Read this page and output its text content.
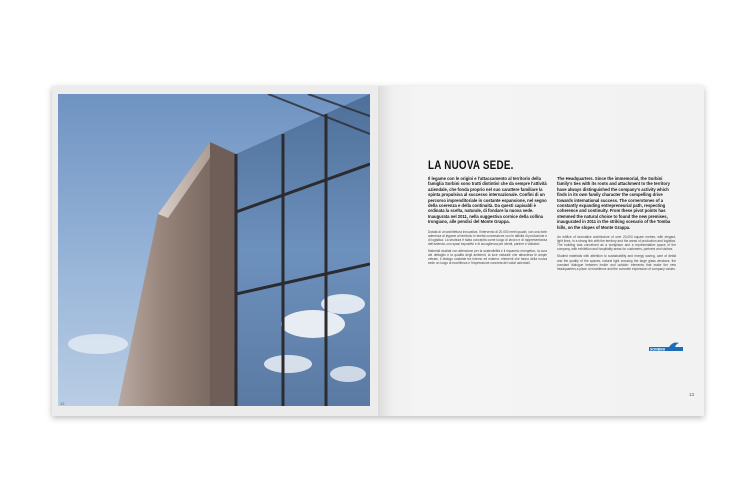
12
LA NUOVA SEDE.

Il legame con le origini e l'attaccamento al territorio della famiglia Sorbini sono tratti distintivi che da sempre l'attività aziendale, che fonda proprio nel suo carattere familiare la spinta propulsiva al successo internazionale. Confini di un percorso imprenditoriale in costante espansione, nel segno della coerenza e della continuità. Da questi capisaldi è ordinata la scelta, naturale, di fondare la nuova sede. Inaugurata nel 2011, nella suggestiva cornice della collina Irongiano, alle pendici del Monte Grappa.

Dotata di un'architettura innovativa, l'intervento di 20.000 metri quadri, con una forte aderenza al legame al territorio in stretta connessione con le attività di produzione e di logistica. La struttura è stata concepita come luogo di lavoro e di rappresentanza dell'azienda, con spazi espositivi e di accoglienza per clienti, partner e visitatori.

Materiali studiati con attenzione per la sostenibilità e il risparmio energetico, la cura del dettaglio e la qualità degli ambienti, la luce naturale che attraversa le ampie vetrate, il dialogo costante tra interno ed esterno: elementi che fanno della nuova sede un luogo di eccellenza e l'espressione concreta dei valori aziendali.

The Headquarters. Since the immemorial, the Sorbini family's ties with its roots and attachment to the territory have always distinguished the company's activity which finds in its own family character the compelling drive towards international success. The cornerstones of a constantly expanding entrepreneurial path, respecting coherence and continuity. From these pivot points has stemmed the natural choice to found the new premises, inaugurated in 2011 in the striking scenario of the Tomba hills, on the slopes of Monte Grappa.

An edifice of innovative architecture of over 20,000 square metres, with elegant, light lines, in a strong link with the territory and the areas of production and logistics. The building was conceived as a workplace and a representative space of the company, with exhibition and hospitality areas for customers, partners and visitors.

Studied materials with attention to sustainability and energy saving, care of detail and the quality of the spaces, natural light crossing the large glass windows, the constant dialogue between inside and outside: elements that make the new headquarters a place of excellence and the concrete expression of company values.

SORBINI
13
